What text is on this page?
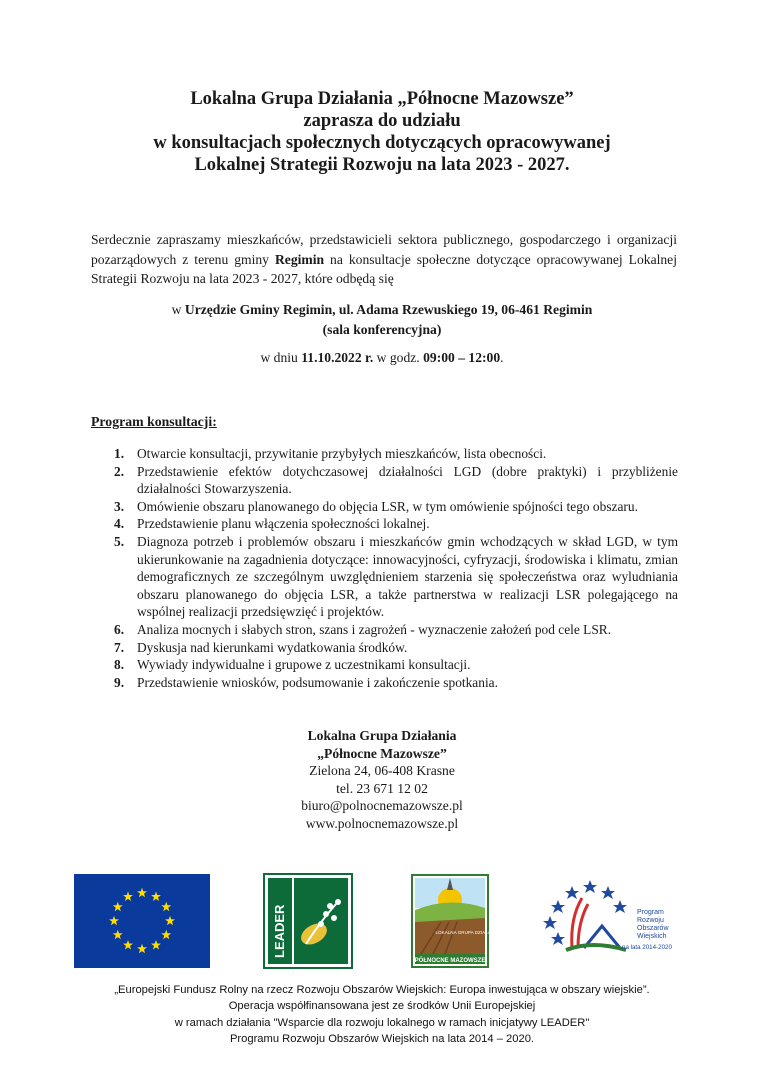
Lokalna Grupa Działania „Północne Mazowsze”
zaprasza do udziału
w konsultacjach społecznych dotyczących opracowywanej
Lokalnej Strategii Rozwoju na lata 2023 - 2027.
Serdecznie zapraszamy mieszkańców, przedstawicieli sektora publicznego, gospodarczego i organizacji
pozarządowych z terenu gminy Regimin na konsultacje społeczne dotyczące opracowywanej Lokalnej
Strategii Rozwoju na lata 2023 - 2027, które odbędą się
w Urzędzie Gminy Regimin, ul. Adama Rzewuskiego 19, 06-461 Regimin
(sala konferencyjna)
w dniu 11.10.2022 r. w godz. 09:00 – 12:00.
Program konsultacji:
1. Otwarcie konsultacji, przywitanie przybyłych mieszkańców, lista obecności.
2. Przedstawienie efektów dotychczasowej działalności LGD (dobre praktyki) i przybliżenie działalności Stowarzyszenia.
3. Omówienie obszaru planowanego do objęcia LSR, w tym omówienie spójności tego obszaru.
4. Przedstawienie planu włączenia społeczności lokalnej.
5. Diagnoza potrzeb i problemów obszaru i mieszkańców gmin wchodzących w skład LGD, w tym ukierunkowanie na zagadnienia dotyczące: innowacyjności, cyfryzacji, środowiska i klimatu, zmian demograficznych ze szczególnym uwzględnieniem starzenia się społeczeństwa oraz wyludniania obszaru planowanego do objęcia LSR, a także partnerstwa w realizacji LSR polegającego na wspólnej realizacji przedsięwzięć i projektów.
6. Analiza mocnych i słabych stron, szans i zagrożeń - wyznaczenie założeń pod cele LSR.
7. Dyskusja nad kierunkami wydatkowania środków.
8. Wywiady indywidualne i grupowe z uczestnikami konsultacji.
9. Przedstawienie wniosków, podsumowanie i zakończenie spotkania.
Lokalna Grupa Działania
„Północne Mazowsze”
Zielona 24, 06-408 Krasne
tel. 23 671 12 02
biuro@polnocnemazowsze.pl
www.polnocnemazowsze.pl
LEADER	LOKALNA GRUPA DZIAŁANIA
PÓŁNOCNE MAZOWSZE
Program
Rozwoju
Obszarów
Wiejskich
na lata 2014-2020
„Europejski Fundusz Rolny na rzecz Rozwoju Obszarów Wiejskich: Europa inwestująca w obszary wiejskie”.
Operacja współfinansowana jest ze środków Unii Europejskiej
w ramach działania "Wsparcie dla rozwoju lokalnego w ramach inicjatywy LEADER"
Programu Rozwoju Obszarów Wiejskich na lata 2014 – 2020.
